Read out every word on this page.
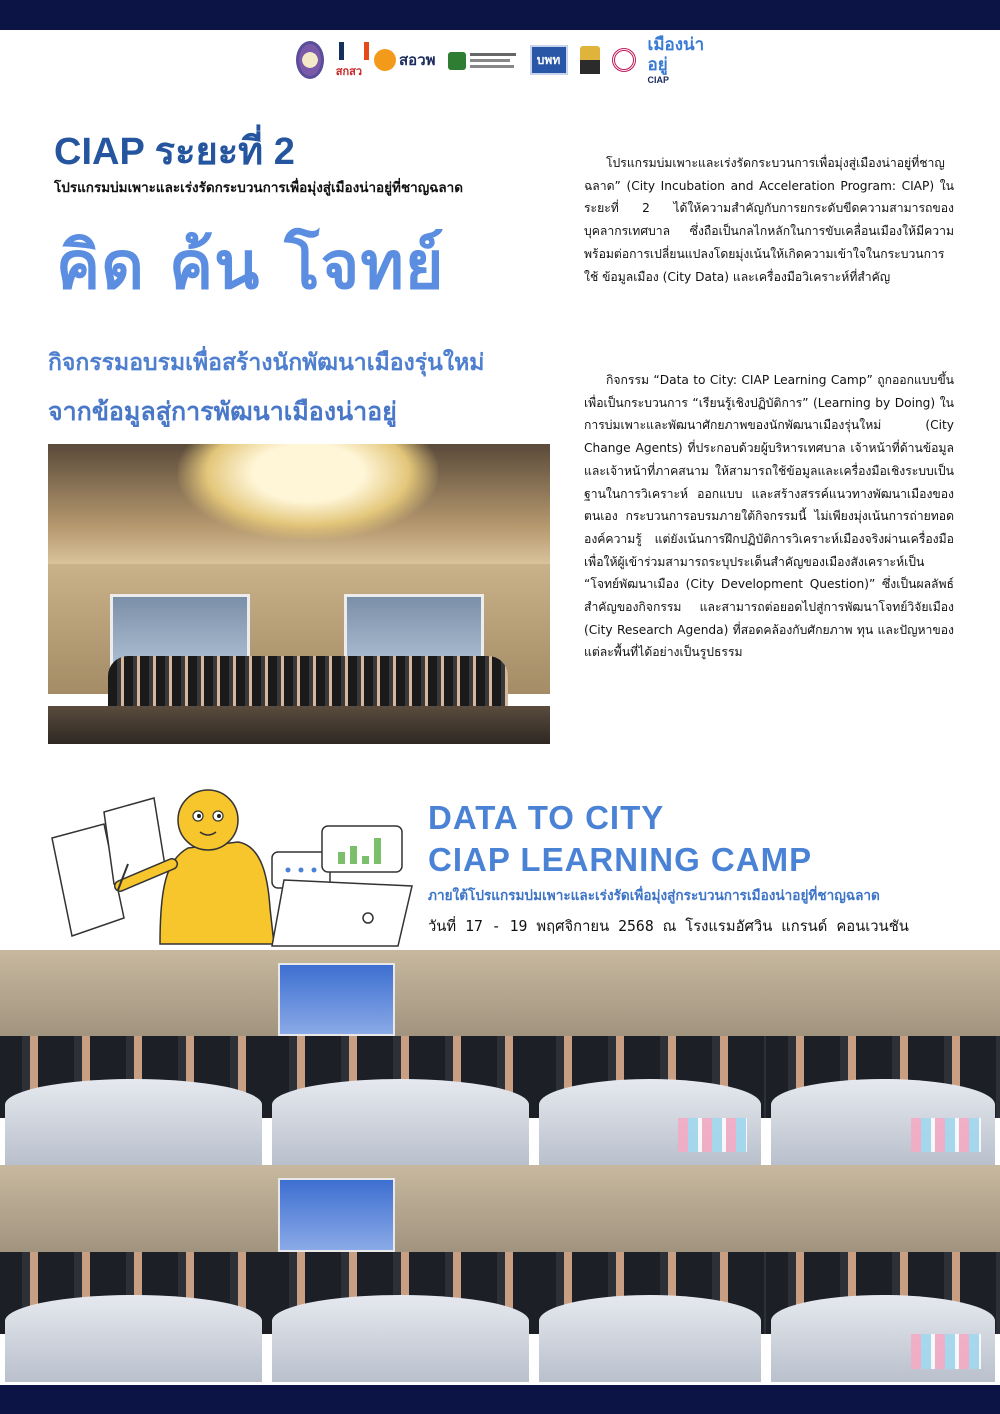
สกสว
สอวพ	บพท
เมืองน่าอยู่
CIAP
CIAP ระยะที่ 2
โปรแกรมบ่มเพาะและเร่งรัดกระบวนการเพื่อมุ่งสู่เมืองน่าอยู่ที่ชาญฉลาด
คิด ค้น โจทย์
กิจกรรมอบรมเพื่อสร้างนักพัฒนาเมืองรุ่นใหม่
จากข้อมูลสู่การพัฒนาเมืองน่าอยู่

โปรแกรมบ่มเพาะและเร่งรัดกระบวนการเพื่อมุ่งสู่เมืองน่าอยู่ที่ชาญฉลาด” (City Incubation and Acceleration Program: CIAP) ในระยะที่ 2 ได้ให้ความสำคัญกับการยกระดับขีดความสามารถของบุคลากรเทศบาล ซึ่งถือเป็นกลไกหลักในการขับเคลื่อนเมืองให้มีความพร้อมต่อการเปลี่ยนแปลงโดยมุ่งเน้นให้เกิดความเข้าใจในกระบวนการใช้ ข้อมูลเมือง (City Data) และเครื่องมือวิเคราะห์ที่สำคัญ

กิจกรรม “Data to City: CIAP Learning Camp” ถูกออกแบบขึ้นเพื่อเป็นกระบวนการ “เรียนรู้เชิงปฏิบัติการ” (Learning by Doing) ในการบ่มเพาะและพัฒนาศักยภาพของนักพัฒนาเมืองรุ่นใหม่ (City Change Agents) ที่ประกอบด้วยผู้บริหารเทศบาล เจ้าหน้าที่ด้านข้อมูล และเจ้าหน้าที่ภาคสนาม ให้สามารถใช้ข้อมูลและเครื่องมือเชิงระบบเป็นฐานในการวิเคราะห์ ออกแบบ และสร้างสรรค์แนวทางพัฒนาเมืองของตนเอง กระบวนการอบรมภายใต้กิจกรรมนี้ ไม่เพียงมุ่งเน้นการถ่ายทอดองค์ความรู้ แต่ยังเน้นการฝึกปฏิบัติการวิเคราะห์เมืองจริงผ่านเครื่องมือ เพื่อให้ผู้เข้าร่วมสามารถระบุประเด็นสำคัญของเมืองสังเคราะห์เป็น “โจทย์พัฒนาเมือง (City Development Question)” ซึ่งเป็นผลลัพธ์สำคัญของกิจกรรม และสามารถต่อยอดไปสู่การพัฒนาโจทย์วิจัยเมือง (City Research Agenda) ที่สอดคล้องกับศักยภาพ ทุน และปัญหาของแต่ละพื้นที่ได้อย่างเป็นรูปธรรม

DATA TO CITY
CIAP LEARNING CAMP
ภายใต้โปรแกรมบ่มเพาะและเร่งรัดเพื่อมุ่งสู่กระบวนการเมืองน่าอยู่ที่ชาญฉลาด
วันที่ 17 - 19 พฤศจิกายน 2568 ณ โรงแรมอัศวิน แกรนด์ คอนเวนชัน
